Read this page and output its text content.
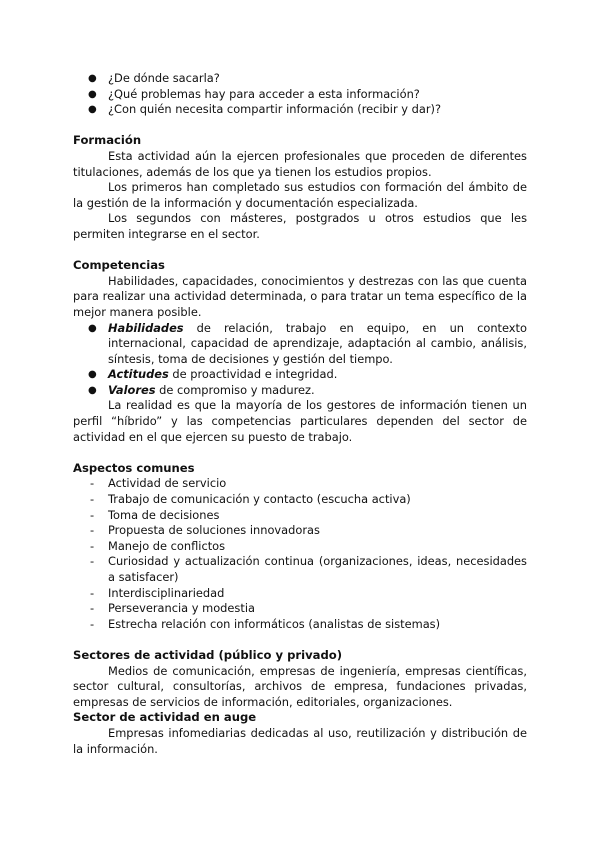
● ¿De dónde sacarla?
● ¿Qué problemas hay para acceder a esta información?
● ¿Con quién necesita compartir información (recibir y dar)?
Formación

Esta actividad aún la ejercen profesionales que proceden de diferentes titulaciones, además de los que ya tienen los estudios propios.

Los primeros han completado sus estudios con formación del ámbito de la gestión de la información y documentación especializada.

Los segundos con másteres, postgrados u otros estudios que les permiten integrarse en el sector.

Competencias

Habilidades, capacidades, conocimientos y destrezas con las que cuenta para realizar una actividad determinada, o para tratar un tema específico de la mejor manera posible.

● Habilidades de relación, trabajo en equipo, en un contexto internacional, capacidad de aprendizaje, adaptación al cambio, análisis, síntesis, toma de decisiones y gestión del tiempo.
● Actitudes de proactividad e integridad.
● Valores de compromiso y madurez.

La realidad es que la mayoría de los gestores de información tienen un perfil “híbrido” y las competencias particulares dependen del sector de actividad en el que ejercen su puesto de trabajo.

Aspectos comunes
- Actividad de servicio
- Trabajo de comunicación y contacto (escucha activa)
- Toma de decisiones
- Propuesta de soluciones innovadoras
- Manejo de conflictos
- Curiosidad y actualización continua (organizaciones, ideas, necesidades a satisfacer)
- Interdisciplinariedad
- Perseverancia y modestia
- Estrecha relación con informáticos (analistas de sistemas)
Sectores de actividad (público y privado)

Medios de comunicación, empresas de ingeniería, empresas científicas, sector cultural, consultorías, archivos de empresa, fundaciones privadas, empresas de servicios de información, editoriales, organizaciones.

Sector de actividad en auge

Empresas infomediarias dedicadas al uso, reutilización y distribución de la información.
